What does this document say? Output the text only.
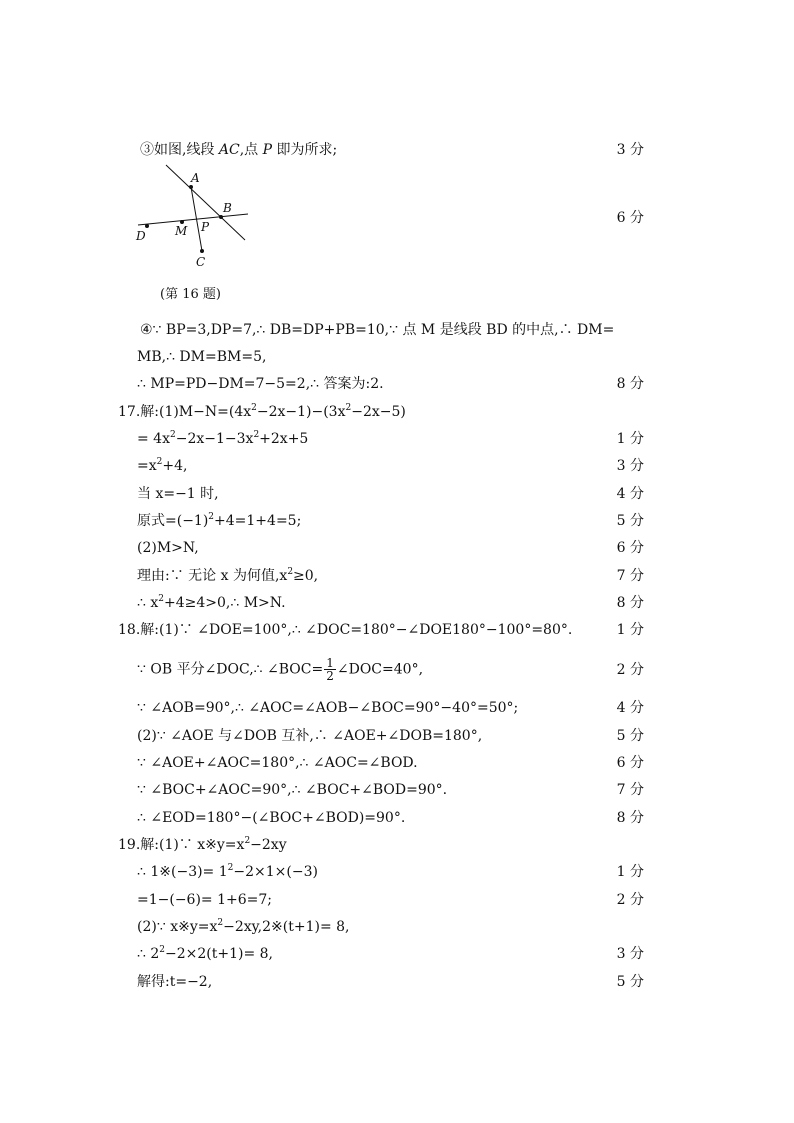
③如图,线段 AC,点 P 即为所求;	3 分
6 分
A
B
D M P
C
(第 16 题)
④∵ BP=3,DP=7,∴ DB=DP+PB=10,∵ 点 M 是线段 BD 的中点,∴ DM=
MB,∴ DM=BM=5,
∴ MP=PD−DM=7−5=2,∴ 答案为:2.	8 分
17.解$:(1)M-N=(4x^2-2x-1)-(3x^2-2x-5)$
= $4x^2-2x-1-3x^2+2x+5$	1 分
$=x^2+4$,	3 分
当 x=−1 时,	4 分
原式$=(-1)^2+4=1+4=5$;	5 分
(2)M>N,	6 分
理由:∵ 无论 x 为何值$,x^2\ge 0$,	7 分
∴ $x^2+4\ge 4>0,\therefore$ M>N.	8 分
18.解:(1)∵ ∠DOE=100°,∴ ∠DOC=180°−∠DOE180°−100°=80°.	1 分
∵ OB 平分∠DOC,∴ ∠BOC= $\frac{1}{2}$ ∠DOC=40°,	2 分
∵ ∠AOB=90°,∴ ∠AOC=∠AOB−∠BOC=90°−40°=50°;	4 分
(2)∵ ∠AOE 与∠DOB 互补,∴ ∠AOE+∠DOB=180°,	5 分
∵ ∠AOE+∠AOC=180°,∴ ∠AOC=∠BOD.	6 分
∵ ∠BOC+∠AOC=90°,∴ ∠BOC+∠BOD=90°.	7 分
∴ ∠EOD=180°−(∠BOC+∠BOD)=90°.	8 分
19.解:(1)∵ $x※y=x^2-2xy$
∴ 1※(−3)= $1^2-2\times 1\times(-3)$	1 分
=1−(−6)= 1+6=7;	2 分
(2)∵ $x※y=x^2-2xy,2※(t+1)= 8$,
∴ $2^2-2\times 2(t+1)= 8$,	3 分
解得:t=−2,	5 分
